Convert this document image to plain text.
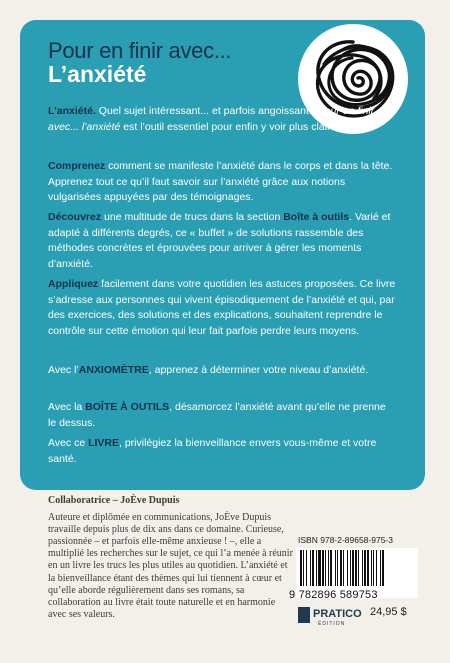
Pour en finir avec...
L’anxiété
L’anxiété. Quel sujet intéressant... et parfois angoissant ! Pour en finir avec... l’anxiété est l’outil essentiel pour enfin y voir plus clair !
Comprenez comment se manifeste l’anxiété dans le corps et dans la tête. Apprenez tout ce qu’il faut savoir sur l’anxiété grâce aux notions vulgarisées appuyées par des témoignages.
Découvrez une multitude de trucs dans la section Boîte à outils. Varié et adapté à différents degrés, ce « buffet » de solutions rassemble des méthodes concrètes et éprouvées pour arriver à gérer les moments d’anxiété.
Appliquez facilement dans votre quotidien les astuces proposées. Ce livre s’adresse aux personnes qui vivent épisodiquement de l’anxiété et qui, par des exercices, des solutions et des explications, souhaitent reprendre le contrôle sur cette émotion qui leur fait parfois perdre leurs moyens.
Avec l’ANXIOMÈTRE, apprenez à déterminer votre niveau d’anxiété.
Avec la BOÎTE À OUTILS, désamorcez l’anxiété avant qu’elle ne prenne le dessus.
Avec ce LIVRE, privilégiez la bienveillance envers vous-même et votre santé.
Collaboratrice – JoÈve Dupuis
Auteure et diplômée en communications, JoÈve Dupuis travaille depuis plus de dix ans dans ce domaine. Curieuse, passionnée – et parfois elle-même anxieuse ! –, elle a multiplié les recherches sur le sujet, ce qui l’a menée à réunir en un livre les trucs les plus utiles au quotidien. L’anxiété et la bienveillance étant des thèmes qui lui tiennent à cœur et qu’elle aborde régulièrement dans ses romans, sa collaboration au livre était toute naturelle et en harmonie avec ses valeurs.
ISBN 978-2-89658-975-3
9 782896 589753
PRATICO
ÉDITION
24,95 $
